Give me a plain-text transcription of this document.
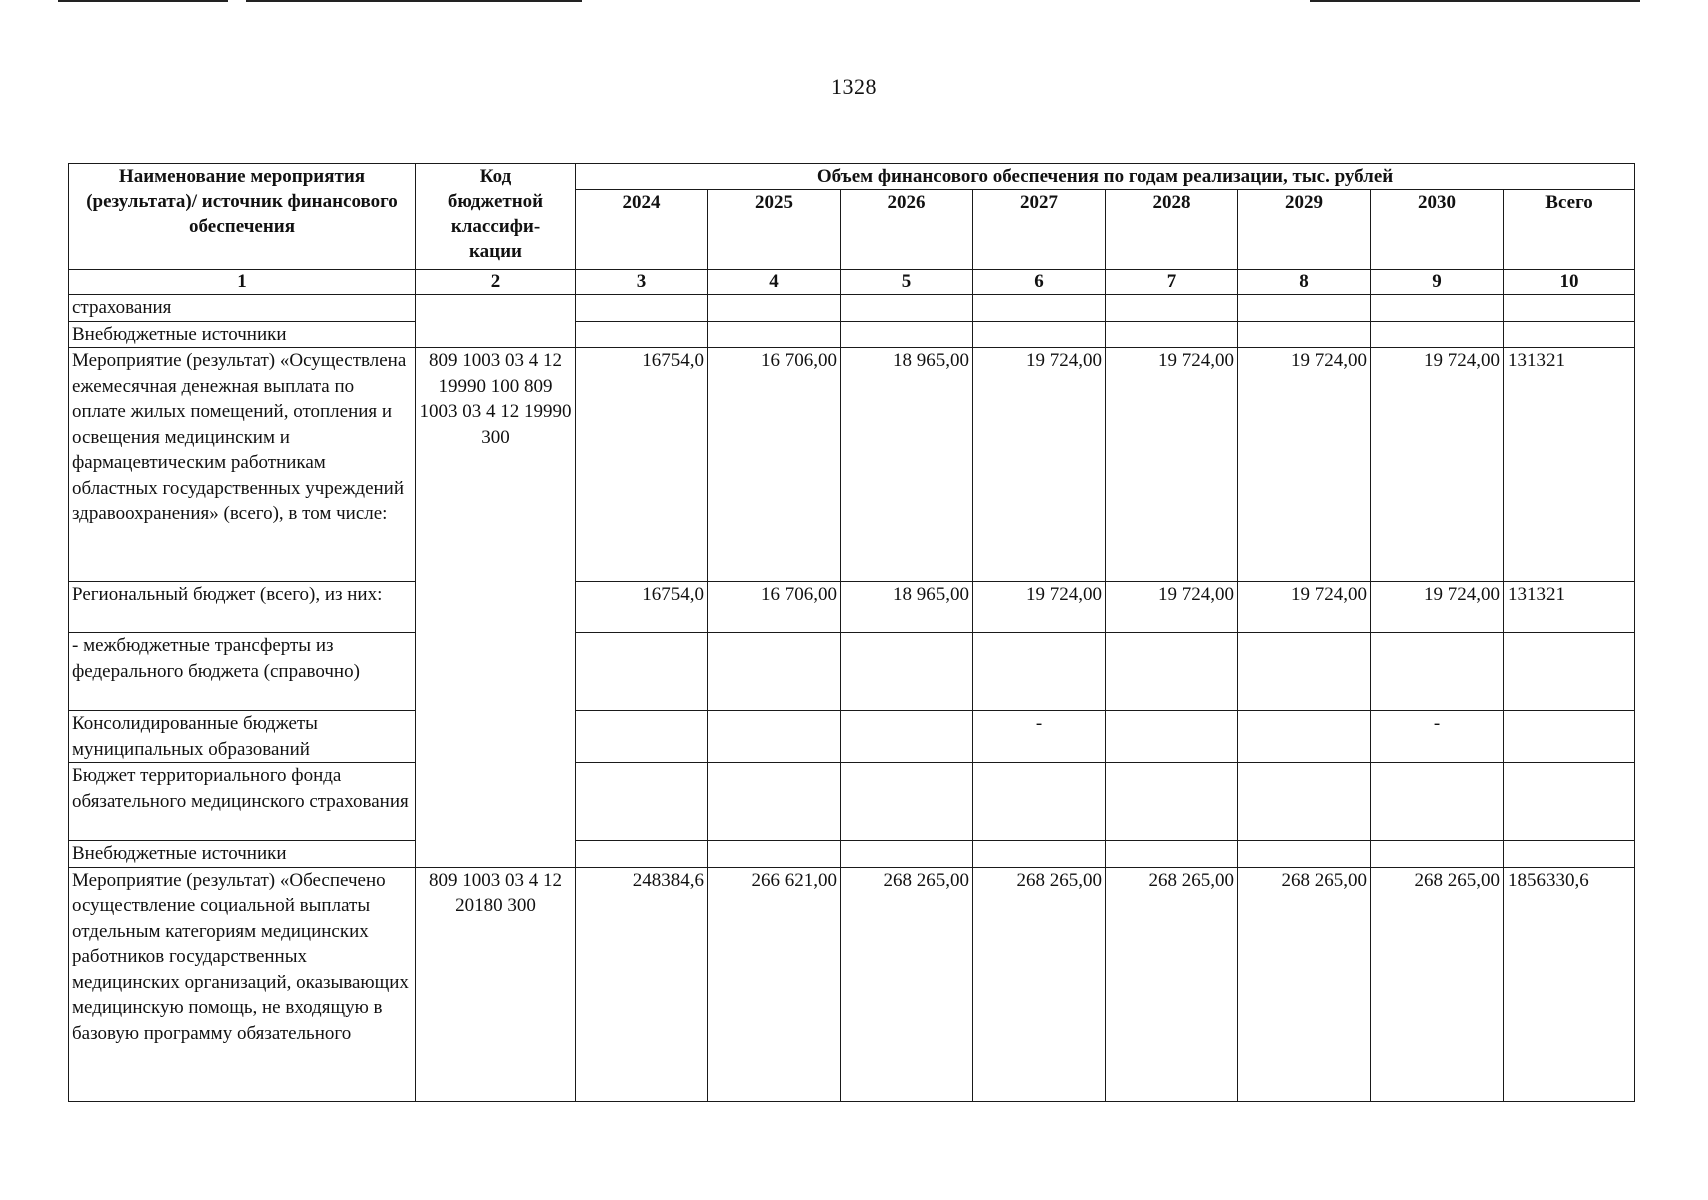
1328
Наименование мероприятия (результата)/ источник финансового обеспечения	Код бюджетной классифи-кации	Объем финансового обеспечения по годам реализации, тыс. рублей							
		2024	2025	2026	2027	2028	2029	2030	Всего
1	2	3	4	5	6	7	8	9	10
страхования									
Внебюджетные источники									
Мероприятие (результат) «Осуществлена ежемесячная денежная выплата по оплате жилых помещений, отопления и освещения медицинским и фармацевтическим работникам областных государственных учреждений здравоохранения» (всего), в том числе:	809 1003 03 4 12 19990 100 809 1003 03 4 12 19990 300	16754,0	16 706,00	18 965,00	19 724,00	19 724,00	19 724,00	19 724,00	131321
Региональный бюджет (всего), из них:		16754,0	16 706,00	18 965,00	19 724,00	19 724,00	19 724,00	19 724,00	131321
- межбюджетные трансферты из федерального бюджета (справочно)									
Консолидированные бюджеты муниципальных образований					-			-	
Бюджет территориального фонда обязательного медицинского страхования									
Внебюджетные источники									
Мероприятие (результат) «Обеспечено осуществление социальной выплаты отдельным категориям медицинских работников государственных медицинских организаций, оказывающих медицинскую помощь, не входящую в базовую программу обязательного	809 1003 03 4 12 20180 300	248384,6	266 621,00	268 265,00	268 265,00	268 265,00	268 265,00	268 265,00	1856330,6
